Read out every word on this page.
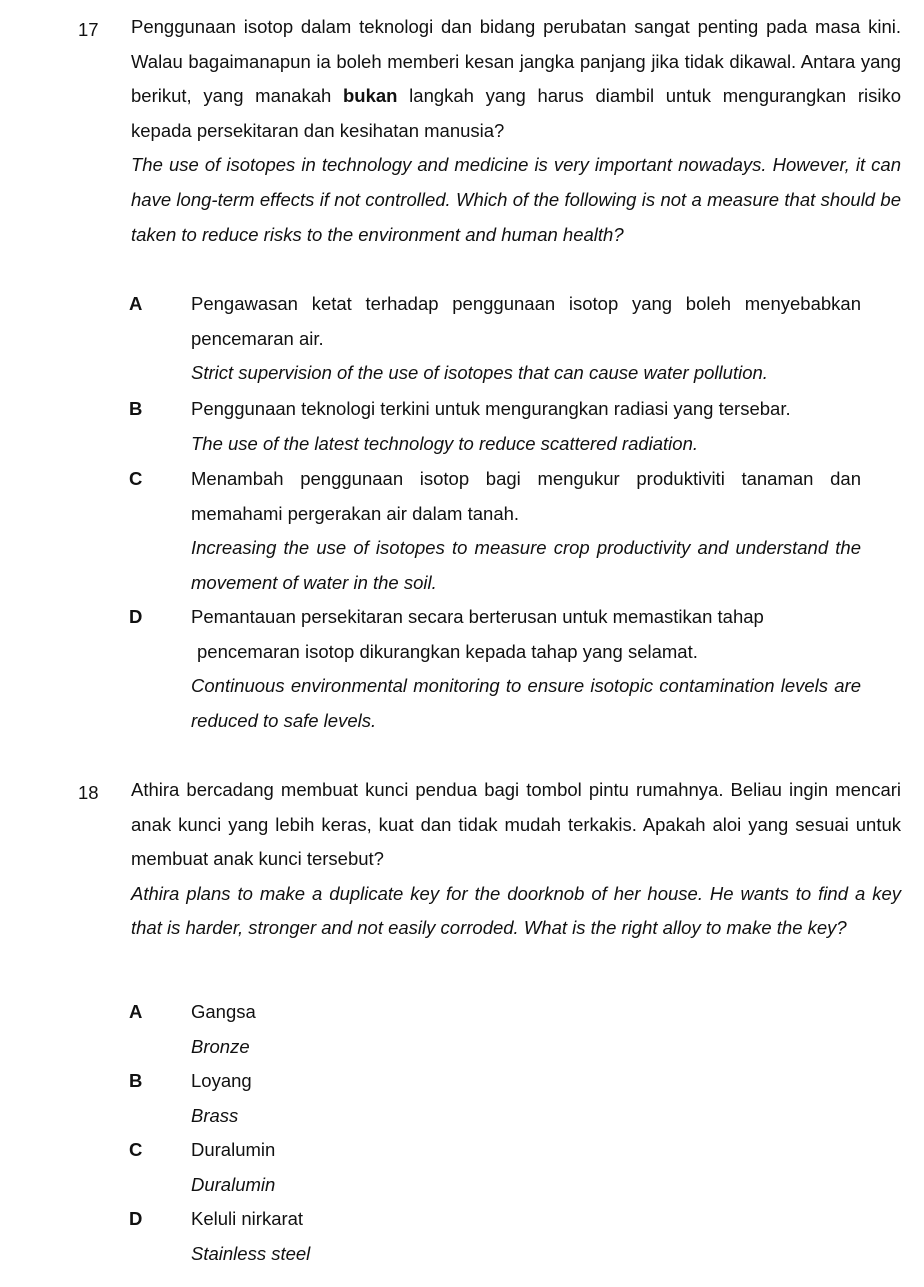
17 Penggunaan isotop dalam teknologi dan bidang perubatan sangat penting pada masa kini. Walau bagaimanapun ia boleh memberi kesan jangka panjang jika tidak dikawal. Antara yang berikut, yang manakah bukan langkah yang harus diambil untuk mengurangkan risiko kepada persekitaran dan kesihatan manusia?

The use of isotopes in technology and medicine is very important nowadays. However, it can have long-term effects if not controlled. Which of the following is not a measure that should be taken to reduce risks to the environment and human health?

A	Pengawasan ketat terhadap penggunaan isotop yang boleh menyebabkan pencemaran air.

Strict supervision of the use of isotopes that can cause water pollution.

B	Penggunaan teknologi terkini untuk mengurangkan radiasi yang tersebar.

The use of the latest technology to reduce scattered radiation.

C	Menambah penggunaan isotop bagi mengukur produktiviti tanaman dan memahami pergerakan air dalam tanah.

Increasing the use of isotopes to measure crop productivity and understand the movement of water in the soil.

D	Pemantauan persekitaran secara berterusan untuk memastikan tahap
pencemaran isotop dikurangkan kepada tahap yang selamat.

Continuous environmental monitoring to ensure isotopic contamination levels are reduced to safe levels.

18 Athira bercadang membuat kunci pendua bagi tombol pintu rumahnya. Beliau ingin mencari anak kunci yang lebih keras, kuat dan tidak mudah terkakis. Apakah aloi yang sesuai untuk membuat anak kunci tersebut?

Athira plans to make a duplicate key for the doorknob of her house. He wants to find a key that is harder, stronger and not easily corroded. What is the right alloy to make the key?

A	Gangsa

Bronze

B	Loyang

Brass

C	Duralumin

Duralumin

D	Keluli nirkarat

Stainless steel
